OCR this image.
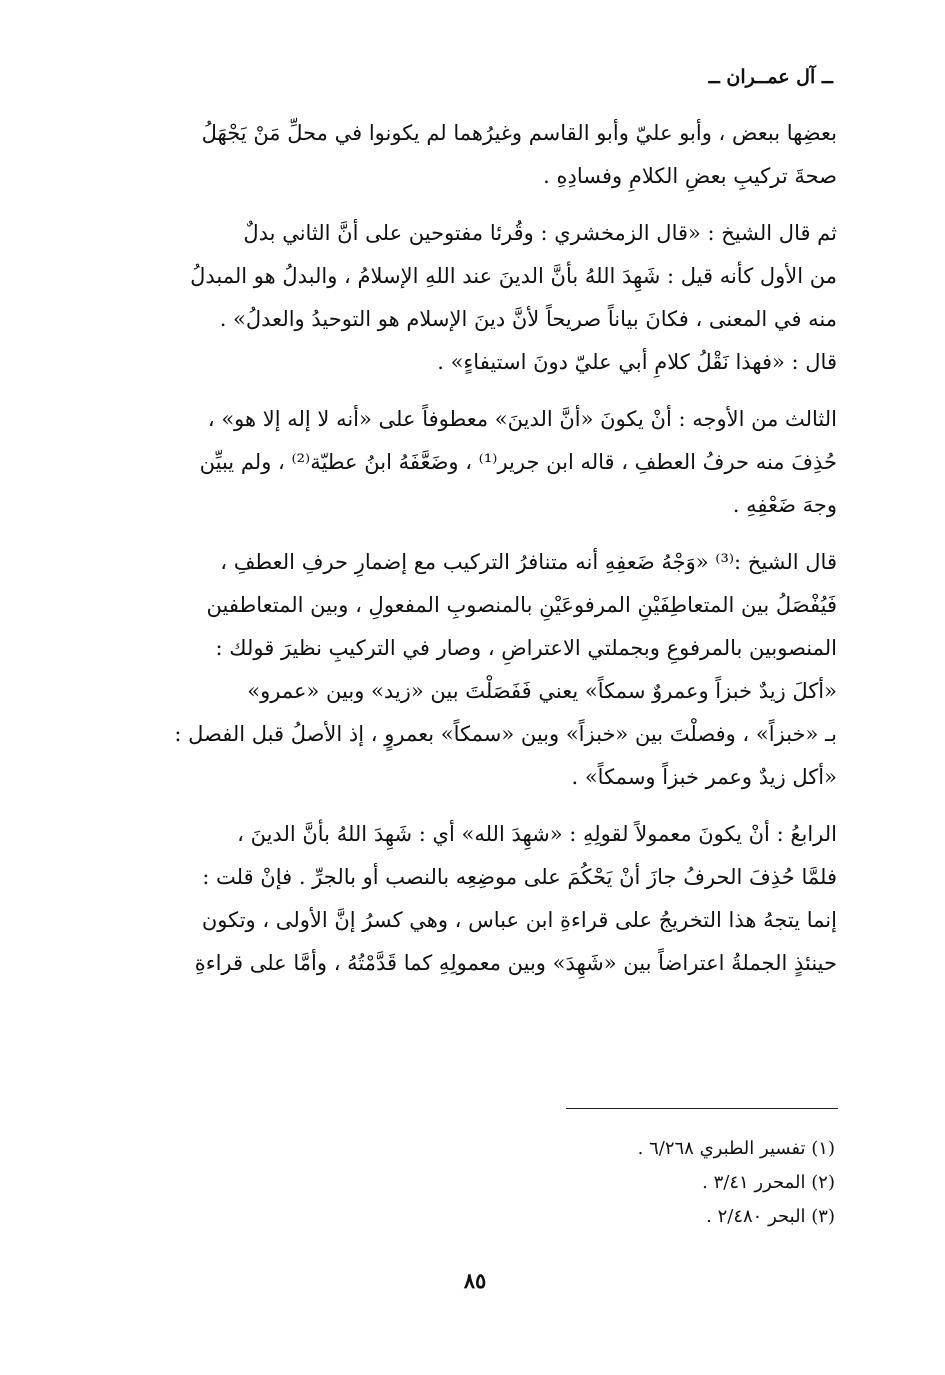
ــ آل عمــران ــ
بعضِها ببعض ، وأبو عليّ وأبو القاسم وغيرُهما لم يكونوا في محلِّ مَنْ يَجْهَلُ
صحةَ تركيبِ بعضِ الكلامِ وفسادِهِ .
ثم قال الشيخ : «قال الزمخشري : وقُرئا مفتوحين على أنَّ الثاني بدلٌ
من الأول كأنه قيل : شَهِدَ اللهُ بأنَّ الدينَ عند اللهِ الإسلامُ ، والبدلُ هو المبدلُ
منه في المعنى ، فكانَ بياناً صريحاً لأنَّ دينَ الإسلام هو التوحيدُ والعدلُ» .
قال : «فهذا نَقْلُ كلامِ أبي عليّ دونَ استيفاءٍ» .
الثالث من الأوجه : أنْ يكونَ «أنَّ الدينَ» معطوفاً على «أنه لا إله إلا هو» ،
حُذِفَ منه حرفُ العطفِ ، قاله ابن جرير⁽¹⁾ ، وضَعَّفَهُ ابنُ عطيّة⁽²⁾ ، ولم يبيِّن
وجهَ ضَعْفِهِ .
قال الشيخ :⁽³⁾ «وَجْهُ ضَعفِهِ أنه متنافرُ التركيب مع إضمارِ حرفِ العطفِ ،
فَيُفْصَلُ بين المتعاطِفَيْنِ المرفوعَيْنِ بالمنصوبِ المفعولِ ، وبين المتعاطفين
المنصوبين بالمرفوعِ وبجملتي الاعتراضِ ، وصار في التركيبِ نظيرَ قولك :
«أكلَ زيدٌ خبزاً وعمروٌ سمكاً» يعني فَفَصَلْتَ بين «زيد» وبين «عمرو»
بـ «خبزاً» ، وفصلْتَ بين «خبزاً» وبين «سمكاً» بعمروٍ ، إذ الأصلُ قبل الفصل :
«أكل زيدٌ وعمر خبزاً وسمكاً» .
الرابعُ : أنْ يكونَ معمولاً لقولِهِ : «شهِدَ الله» أي : شَهِدَ اللهُ بأنَّ الدينَ ،
فلمَّا حُذِفَ الحرفُ جازَ أنْ يَحْكُمَ على موضِعِه بالنصب أو بالجرِّ . فإنْ قلت :
إنما يتجهُ هذا التخريجُ على قراءةِ ابن عباس ، وهي كسرُ إنَّ الأولى ، وتكون
حينئذٍ الجملةُ اعتراضاً بين «شَهِدَ» وبين معمولِهِ كما قَدَّمْتُهُ ، وأمَّا على قراءةِ
(١) تفسير الطبري ٦/٢٦٨ .
(٢) المحرر ٣/٤١ .
(٣) البحر ٢/٤٨٠ .
٨٥
